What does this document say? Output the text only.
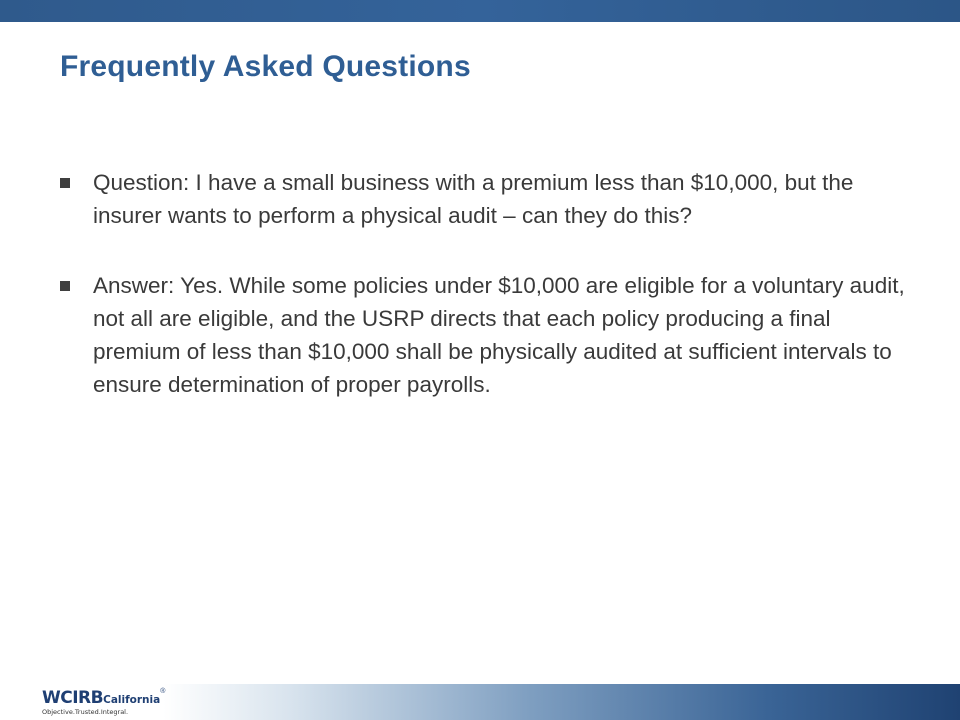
Frequently Asked Questions
Question: I have a small business with a premium less than $10,000, but the insurer wants to perform a physical audit – can they do this?
Answer: Yes. While some policies under $10,000 are eligible for a voluntary audit, not all are eligible, and the USRP directs that each policy producing a final premium of less than $10,000 shall be physically audited at sufficient intervals to ensure determination of proper payrolls.
WCIRBCalifornia®
Objective.Trusted.Integral.
